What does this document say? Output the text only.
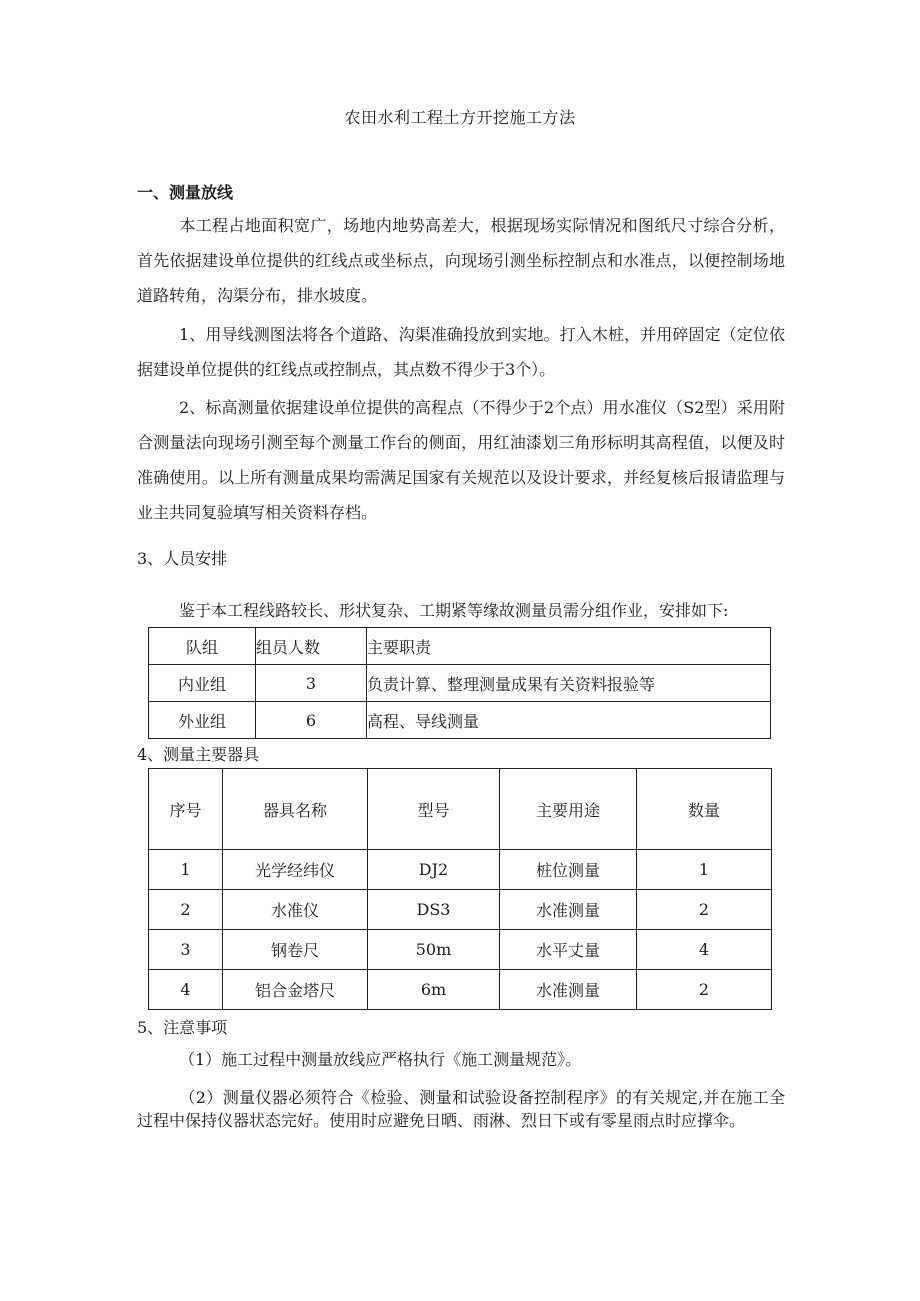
农田水利工程土方开挖施工方法
一、测量放线

本工程占地面积宽广，场地内地势高差大，根据现场实际情况和图纸尺寸综合分析，首先依据建设单位提供的红线点或坐标点，向现场引测坐标控制点和水准点，以便控制场地道路转角，沟渠分布，排水坡度。

1、用导线测图法将各个道路、沟渠准确投放到实地。打入木桩，并用碎固定（定位依据建设单位提供的红线点或控制点，其点数不得少于3个）。

2、标高测量依据建设单位提供的高程点（不得少于2个点）用水准仪（S2型）采用附合测量法向现场引测至每个测量工作台的侧面，用红油漆划三角形标明其高程值，以便及时准确使用。以上所有测量成果均需满足国家有关规范以及设计要求，并经复核后报请监理与业主共同复验填写相关资料存档。

3、人员安排
鉴于本工程线路较长、形状复杂、工期紧等缘故测量员需分组作业，安排如下:
队组	组员人数	主要职责
内业组	3	负责计算、整理测量成果有关资料报验等
外业组	6	高程、导线测量
4、测量主要器具
序号	器具名称	型号	主要用途	数量
1	光学经纬仪	DJ2	桩位测量	1
2	水准仪	DS3	水准测量	2
3	钢卷尺	50m	水平丈量	4
4	铝合金塔尺	6m	水准测量	2
5、注意事项

（1）施工过程中测量放线应严格执行《施工测量规范》。

（2）测量仪器必须符合《检验、测量和试验设备控制程序》的有关规定,并在施工全过程中保持仪器状态完好。使用时应避免日晒、雨淋、烈日下或有零星雨点时应撑伞。
